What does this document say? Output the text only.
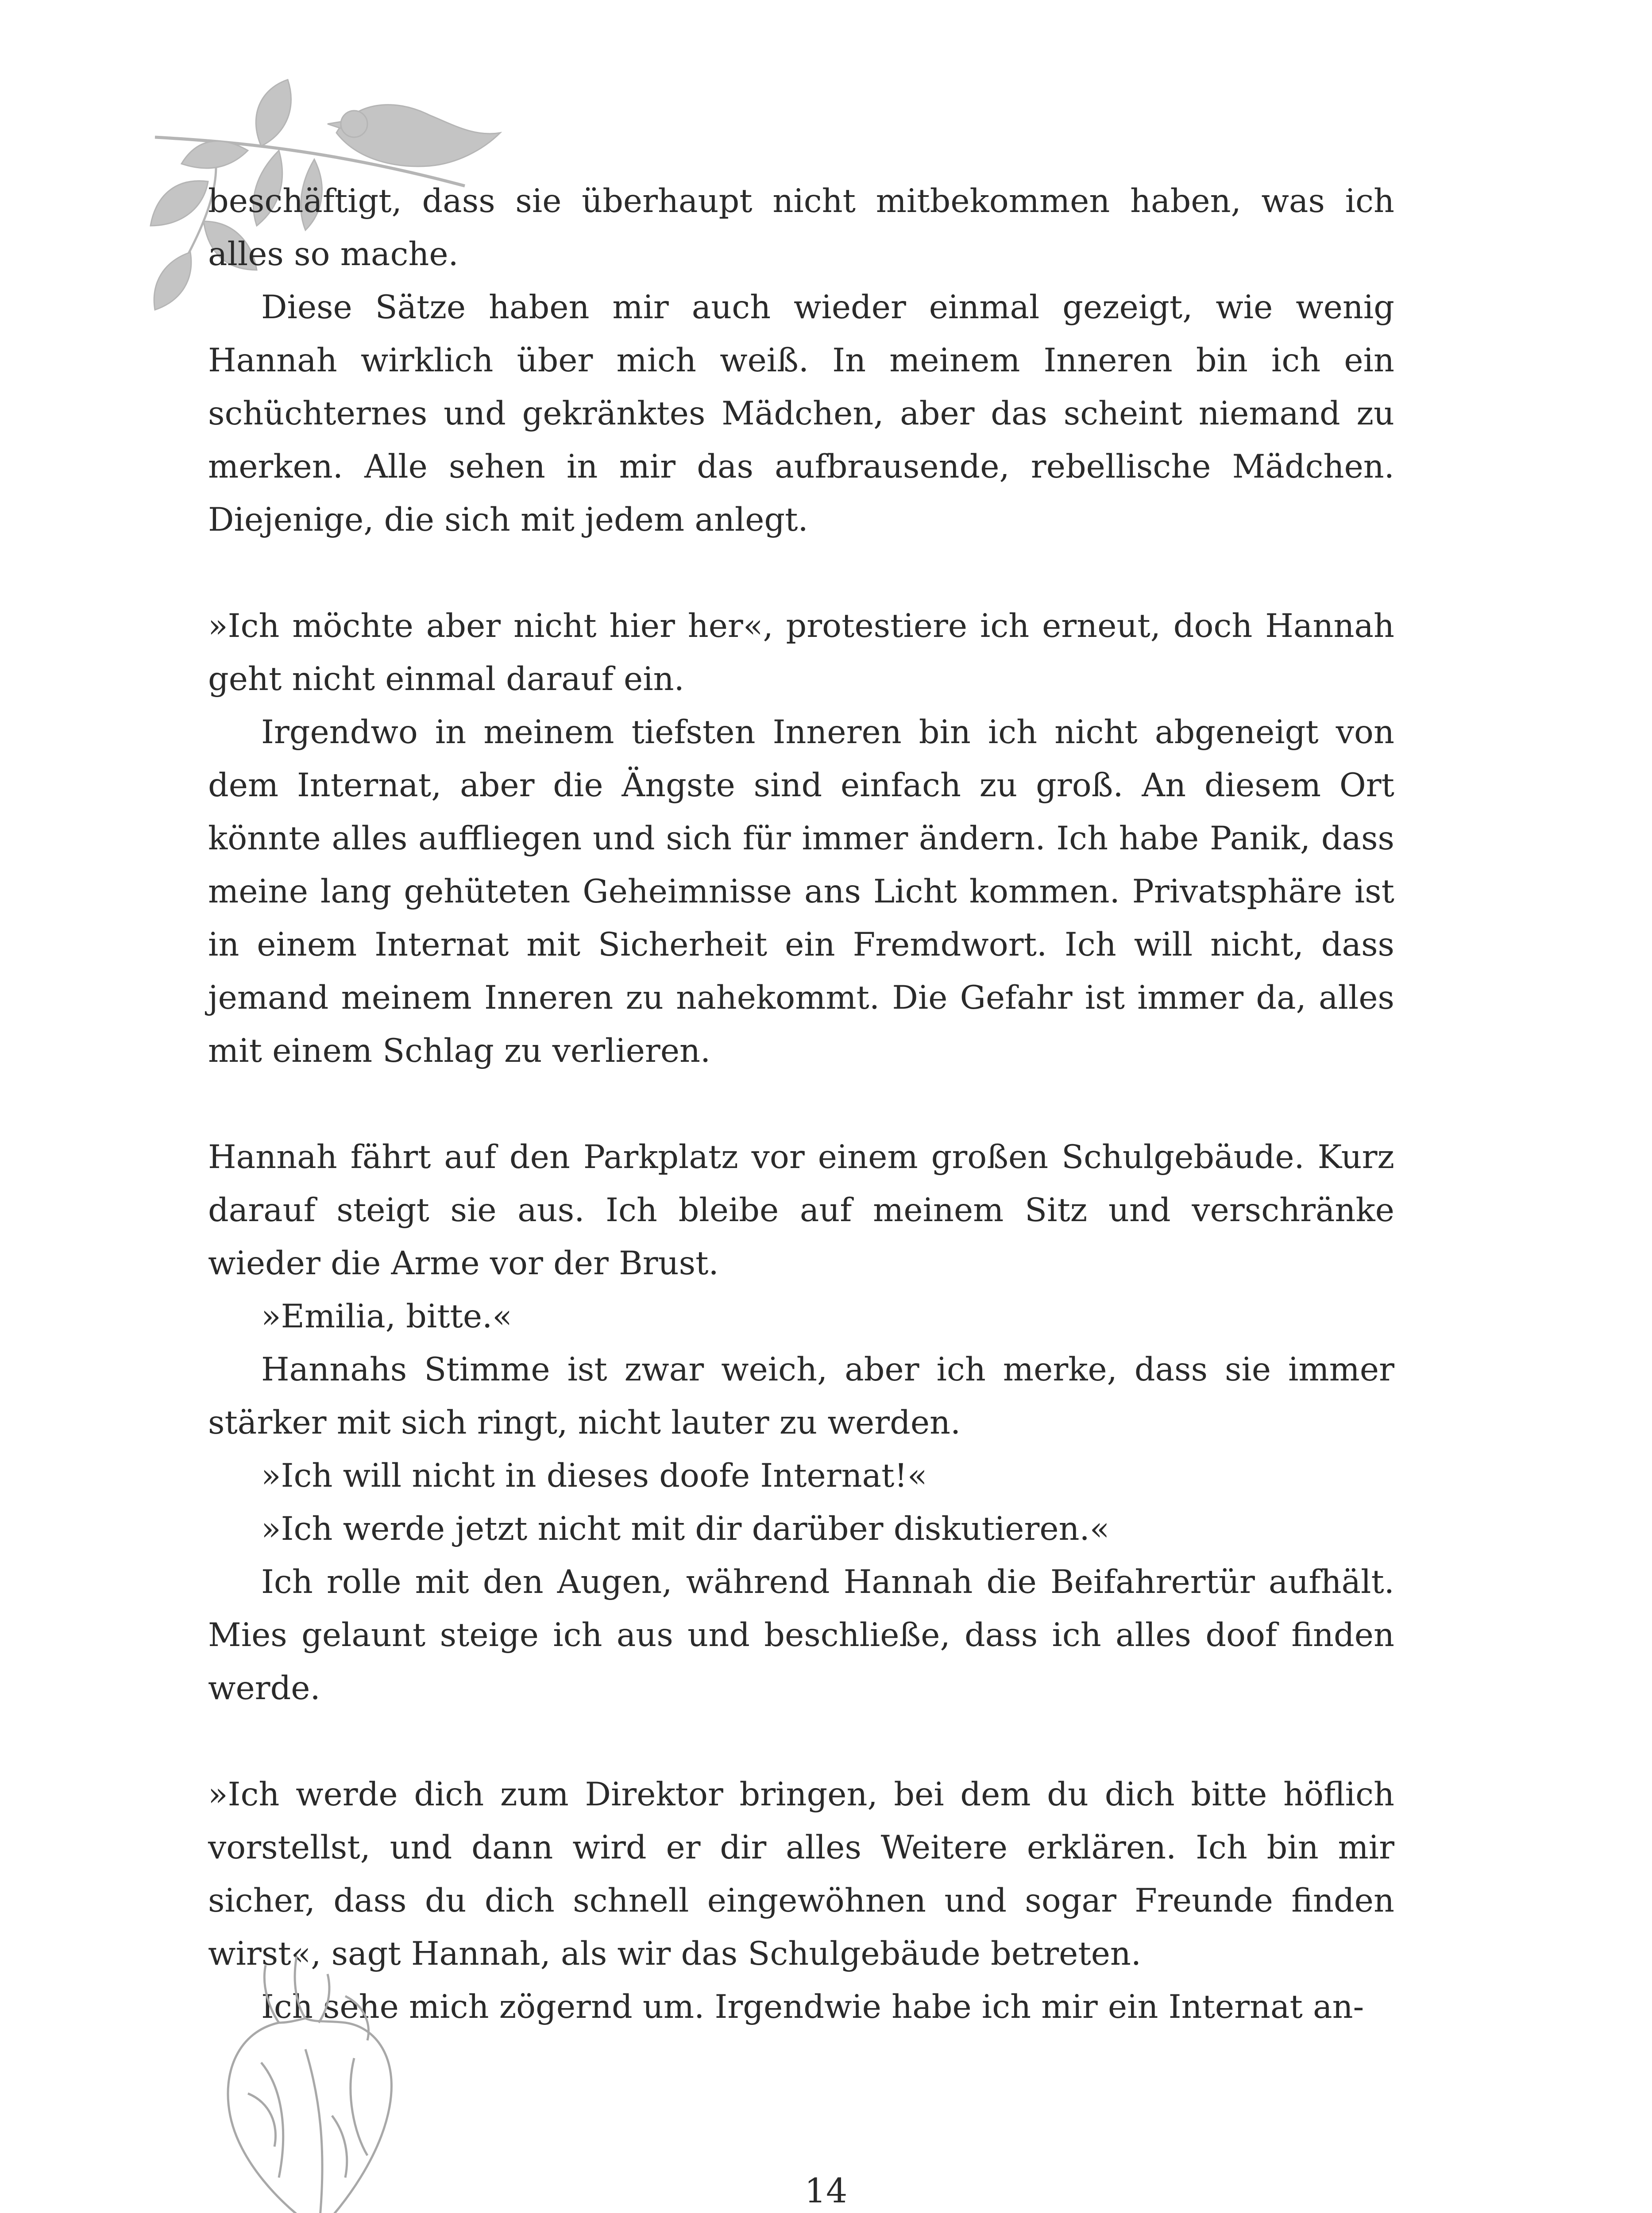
beschäftigt, dass sie überhaupt nicht mitbekommen haben, was ich alles so mache.

Diese Sätze haben mir auch wieder einmal gezeigt, wie wenig Hannah wirklich über mich weiß. In meinem Inneren bin ich ein schüchternes und gekränktes Mädchen, aber das scheint niemand zu merken. Alle sehen in mir das aufbrausende, rebellische Mädchen. Diejenige, die sich mit jedem anlegt.

»Ich möchte aber nicht hier her«, protestiere ich erneut, doch Hannah geht nicht einmal darauf ein.

Irgendwo in meinem tiefsten Inneren bin ich nicht abgeneigt von dem Internat, aber die Ängste sind einfach zu groß. An diesem Ort könnte alles auffliegen und sich für immer ändern. Ich habe Panik, dass meine lang gehüteten Geheimnisse ans Licht kommen. Privatsphäre ist in einem Internat mit Sicherheit ein Fremdwort. Ich will nicht, dass jemand meinem Inneren zu nahekommt. Die Gefahr ist immer da, alles mit einem Schlag zu verlieren.

Hannah fährt auf den Parkplatz vor einem großen Schulgebäude. Kurz darauf steigt sie aus. Ich bleibe auf meinem Sitz und verschränke wieder die Arme vor der Brust.

»Emilia, bitte.«

Hannahs Stimme ist zwar weich, aber ich merke, dass sie immer stärker mit sich ringt, nicht lauter zu werden.

»Ich will nicht in dieses doofe Internat!«

»Ich werde jetzt nicht mit dir darüber diskutieren.«

Ich rolle mit den Augen, während Hannah die Beifahrertür aufhält. Mies gelaunt steige ich aus und beschließe, dass ich alles doof finden werde.

»Ich werde dich zum Direktor bringen, bei dem du dich bitte höflich vorstellst, und dann wird er dir alles Weitere erklären. Ich bin mir sicher, dass du dich schnell eingewöhnen und sogar Freunde finden wirst«, sagt Hannah, als wir das Schulgebäude betreten.

Ich sehe mich zögernd um. Irgendwie habe ich mir ein Internat an-

14
